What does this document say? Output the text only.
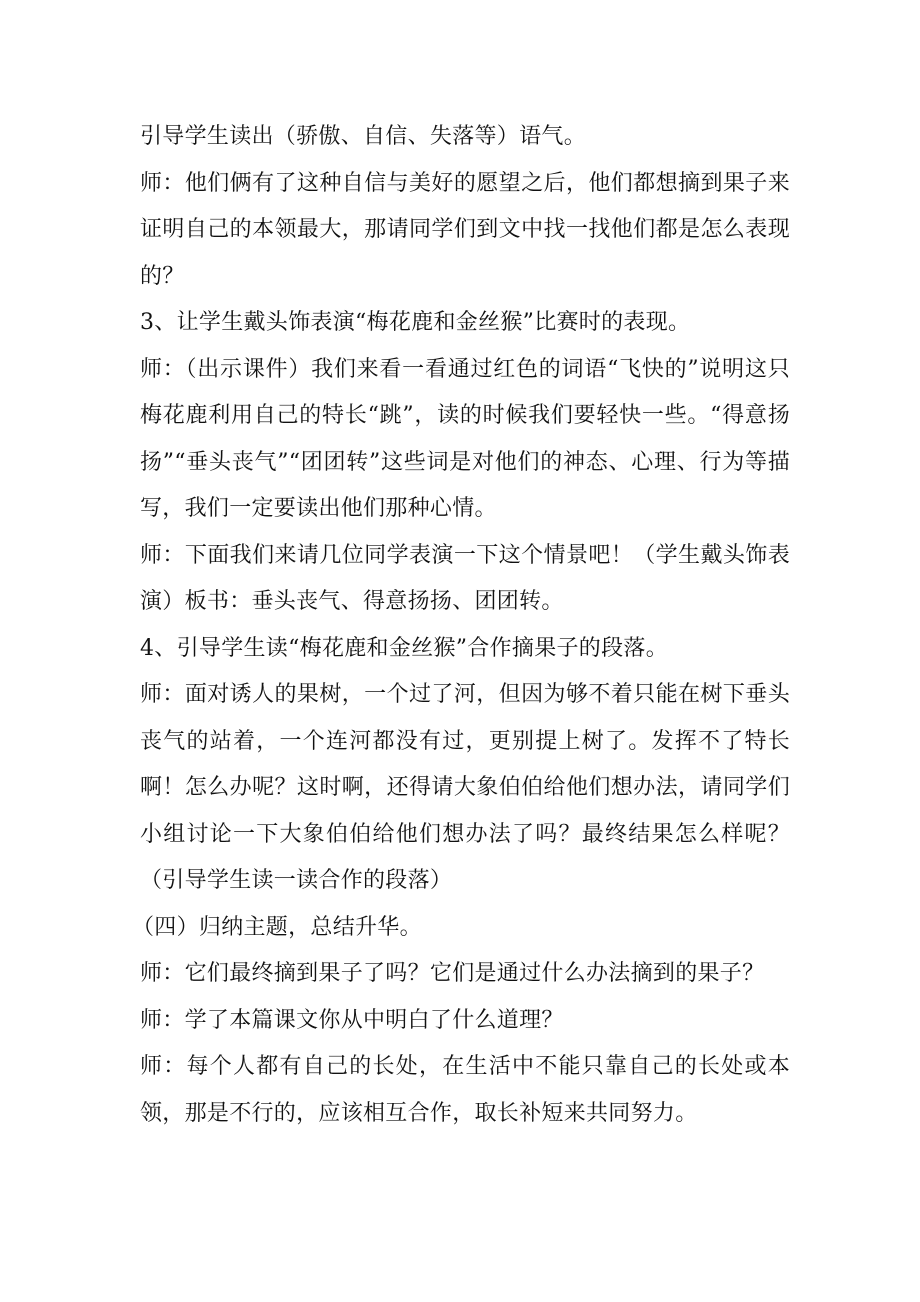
引导学生读出（骄傲、自信、失落等）语气。

师：他们俩有了这种自信与美好的愿望之后，他们都想摘到果子来证明自己的本领最大，那请同学们到文中找一找他们都是怎么表现的？

3、让学生戴头饰表演“梅花鹿和金丝猴”比赛时的表现。

师：（出示课件）我们来看一看通过红色的词语“飞快的”说明这只梅花鹿利用自己的特长“跳”，读的时候我们要轻快一些。“得意扬扬”“垂头丧气”“团团转”这些词是对他们的神态、心理、行为等描写，我们一定要读出他们那种心情。

师：下面我们来请几位同学表演一下这个情景吧！（学生戴头饰表演）板书：垂头丧气、得意扬扬、团团转。

4、引导学生读“梅花鹿和金丝猴”合作摘果子的段落。

师：面对诱人的果树，一个过了河，但因为够不着只能在树下垂头丧气的站着，一个连河都没有过，更别提上树了。发挥不了特长啊！怎么办呢？这时啊，还得请大象伯伯给他们想办法，请同学们小组讨论一下大象伯伯给他们想办法了吗？最终结果怎么样呢？（引导学生读一读合作的段落）

（四）归纳主题，总结升华。

师：它们最终摘到果子了吗？它们是通过什么办法摘到的果子？

师：学了本篇课文你从中明白了什么道理？

师：每个人都有自己的长处，在生活中不能只靠自己的长处或本领，那是不行的，应该相互合作，取长补短来共同努力。
